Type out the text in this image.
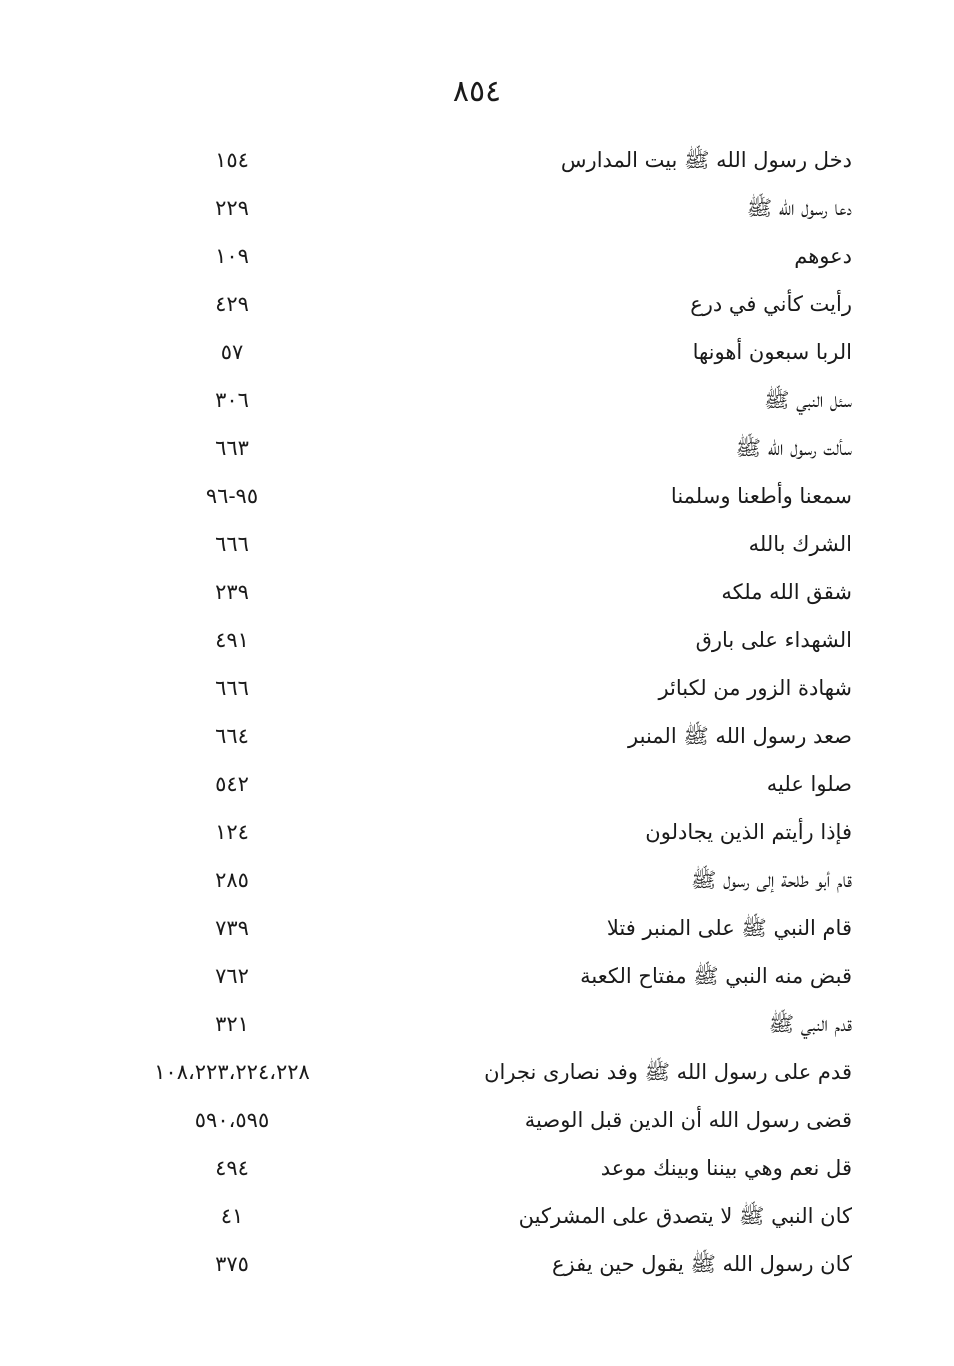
٨٥٤
دخل رسول الله ﷺ بيت المدارس
١٥٤
دعا رسول الله ﷺ
٢٢٩
دعوهم
١٠٩
رأيت كأني في درع
٤٢٩
الربا سبعون أهونها
٥٧
سئل النبي ﷺ
٣٠٦
سألت رسول الله ﷺ
٦٦٣
سمعنا وأطعنا وسلمنا
٩٥-٩٦
الشرك بالله
٦٦٦
شقق الله ملكه
٢٣٩
الشهداء على بارق
٤٩١
شهادة الزور من لكبائر
٦٦٦
صعد رسول الله ﷺ المنبر
٦٦٤
صلوا عليه
٥٤٢
فإذا رأيتم الذين يجادلون
١٢٤
قام أبو طلحة إلى رسول ﷺ
٢٨٥
قام النبي ﷺ على المنبر فتلا
٧٣٩
قبض منه النبي ﷺ مفتاح الكعبة
٧٦٢
قدم النبي ﷺ
٣٢١
قدم على رسول الله ﷺ وفد نصارى نجران
١٠٨،٢٢٣،٢٢٤،٢٢٨
قضى رسول الله أن الدين قبل الوصية
٥٩٠،٥٩٥
قل نعم وهي بيننا وبينك موعد
٤٩٤
كان النبي ﷺ لا يتصدق على المشركين
٤١
كان رسول الله ﷺ يقول حين يفزع
٣٧٥
